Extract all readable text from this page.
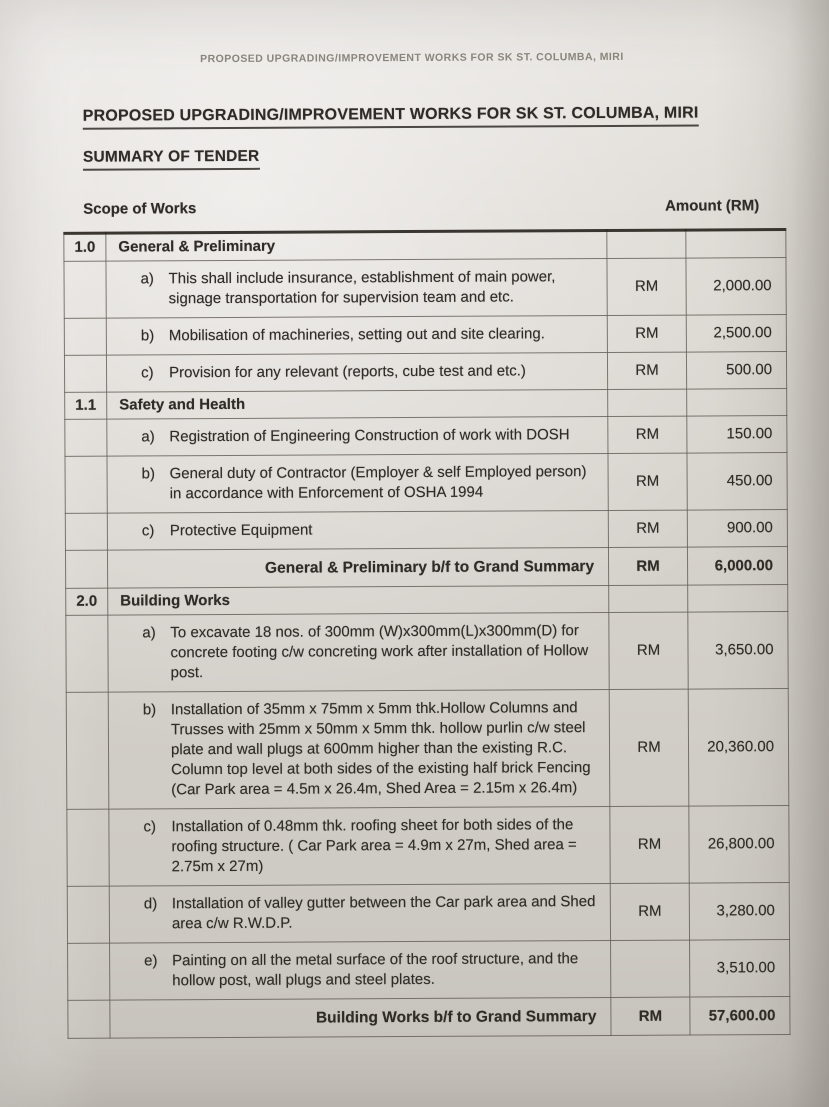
PROPOSED UPGRADING/IMPROVEMENT WORKS FOR SK ST. COLUMBA, MIRI
PROPOSED UPGRADING/IMPROVEMENT WORKS FOR SK ST. COLUMBA, MIRI
SUMMARY OF TENDER
Scope of Works	Amount (RM)
1.0	General & Preliminary		
	a) This shall include insurance, establishment of main power, signage transportation for supervision team and etc.	RM	2,000.00
	b) Mobilisation of machineries, setting out and site clearing.	RM	2,500.00
	c) Provision for any relevant (reports, cube test and etc.)	RM	500.00
1.1	Safety and Health		
	a) Registration of Engineering Construction of work with DOSH	RM	150.00
	b) General duty of Contractor (Employer & self Employed person) in accordance with Enforcement of OSHA 1994	RM	450.00
	c) Protective Equipment	RM	900.00
	General & Preliminary b/f to Grand Summary	RM	6,000.00
2.0	Building Works		
	a) To excavate 18 nos. of 300mm (W)x300mm(L)x300mm(D) for concrete footing c/w concreting work after installation of Hollow post.	RM	3,650.00
	b) Installation of 35mm x 75mm x 5mm thk.Hollow Columns and Trusses with 25mm x 50mm x 5mm thk. hollow purlin c/w steel plate and wall plugs at 600mm higher than the existing R.C. Column top level at both sides of the existing half brick Fencing (Car Park area = 4.5m x 26.4m, Shed Area = 2.15m x 26.4m)	RM	20,360.00
	c) Installation of 0.48mm thk. roofing sheet for both sides of the roofing structure. ( Car Park area = 4.9m x 27m, Shed area = 2.75m x 27m)	RM	26,800.00
	d) Installation of valley gutter between the Car park area and Shed area c/w R.W.D.P.	RM	3,280.00
	e) Painting on all the metal surface of the roof structure, and the hollow post, wall plugs and steel plates.		3,510.00
	Building Works b/f to Grand Summary	RM	57,600.00
